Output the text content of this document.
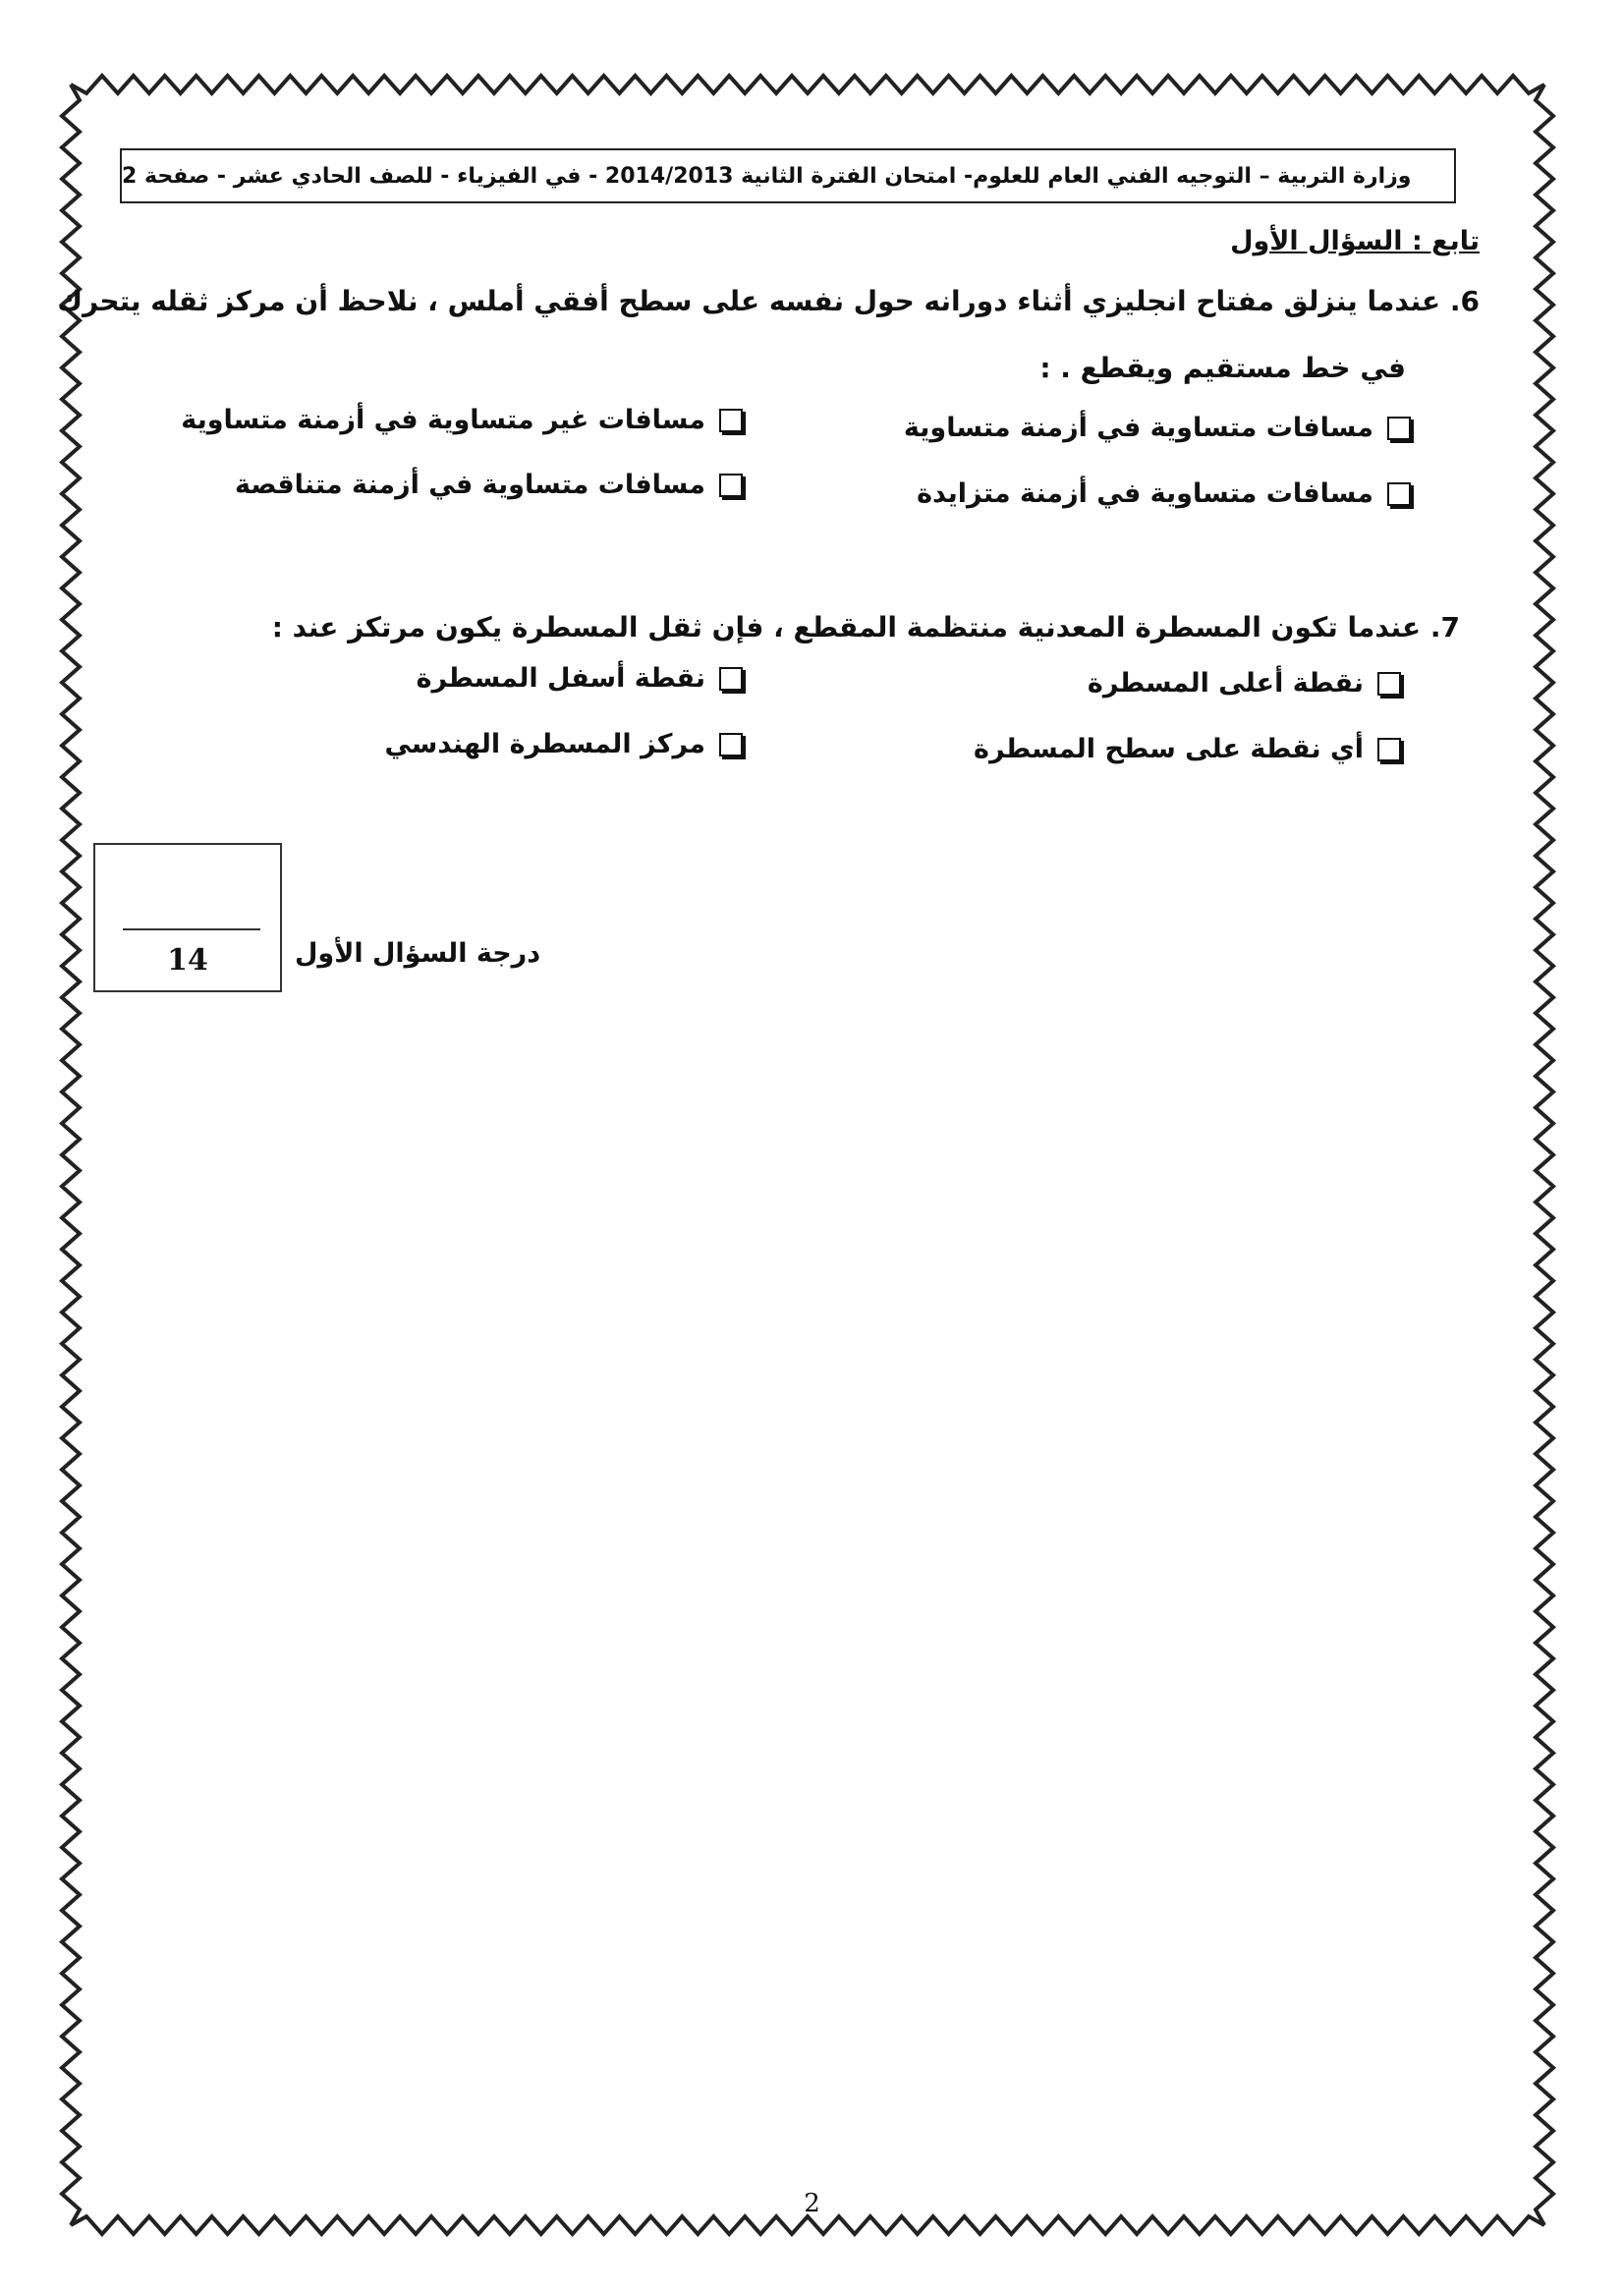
وزارة التربية – التوجيه الفني العام للعلوم- امتحان الفترة الثانية 2014/2013 - في الفيزياء - للصف الحادي عشر - صفحة 2
تابع : السؤال الأول
6. عندما ينزلق مفتاح انجليزي أثناء دورانه حول نفسه على سطح أفقي أملس ، نلاحظ أن مركز ثقله يتحرك
في خط مستقيم ويقطع . :
مسافات متساوية في أزمنة متساوية
مسافات غير متساوية في أزمنة متساوية
مسافات متساوية في أزمنة متزايدة
مسافات متساوية في أزمنة متناقصة
7. عندما تكون المسطرة المعدنية منتظمة المقطع ، فإن ثقل المسطرة يكون مرتكز عند :
نقطة أعلى المسطرة
نقطة أسفل المسطرة
أي نقطة على سطح المسطرة
مركز المسطرة الهندسي
14	درجة السؤال الأول
2
